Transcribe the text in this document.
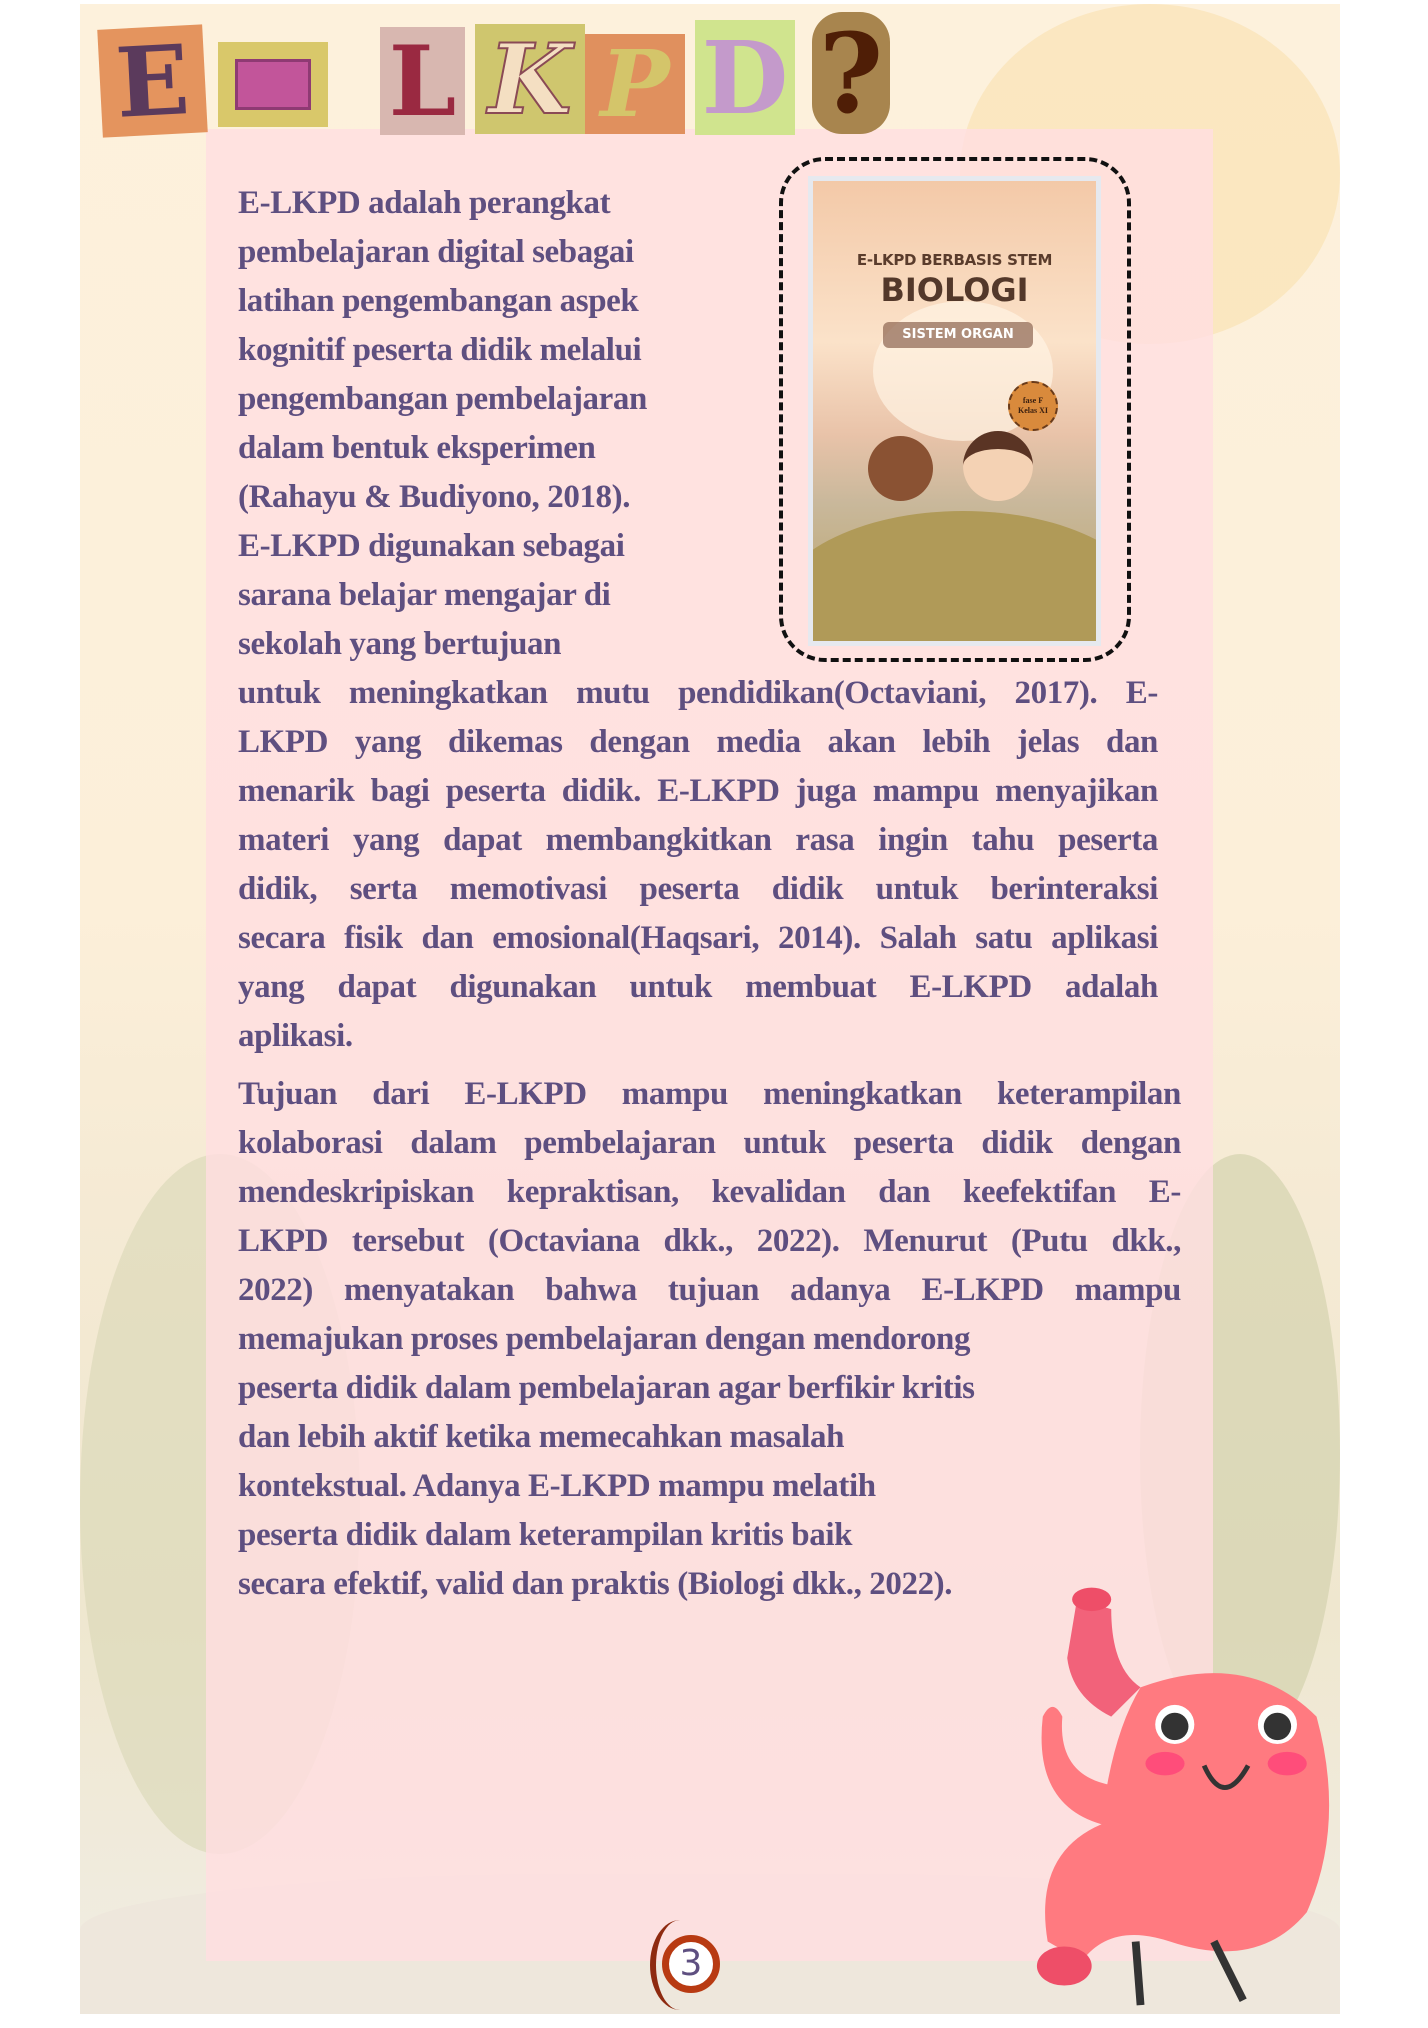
E L K P D ?
E-LKPD BERBASIS STEM
BIOLOGI
SISTEM ORGAN
fase F
Kelas XI
E-LKPD adalah perangkat
pembelajaran digital sebagai
latihan pengembangan aspek
kognitif peserta didik melalui
pengembangan pembelajaran
dalam bentuk eksperimen
(Rahayu & Budiyono, 2018).
E-LKPD digunakan sebagai
sarana belajar mengajar di
sekolah yang bertujuan
untuk meningkatkan mutu pendidikan(Octaviani, 2017). E-
LKPD yang dikemas dengan media akan lebih jelas dan
menarik bagi peserta didik. E-LKPD juga mampu menyajikan
materi yang dapat membangkitkan rasa ingin tahu peserta
didik, serta memotivasi peserta didik untuk berinteraksi
secara fisik dan emosional(Haqsari, 2014). Salah satu aplikasi
yang dapat digunakan untuk membuat E-LKPD adalah
aplikasi.
Tujuan dari E-LKPD mampu meningkatkan keterampilan
kolaborasi dalam pembelajaran untuk peserta didik dengan
mendeskripiskan kepraktisan, kevalidan dan keefektifan E-
LKPD tersebut (Octaviana dkk., 2022). Menurut (Putu dkk.,
2022) menyatakan bahwa tujuan adanya E-LKPD mampu
memajukan proses pembelajaran dengan mendorong
peserta didik dalam pembelajaran agar berfikir kritis
dan lebih aktif ketika memecahkan masalah
kontekstual. Adanya E-LKPD mampu melatih
peserta didik dalam keterampilan kritis baik
secara efektif, valid dan praktis (Biologi dkk., 2022).
3
